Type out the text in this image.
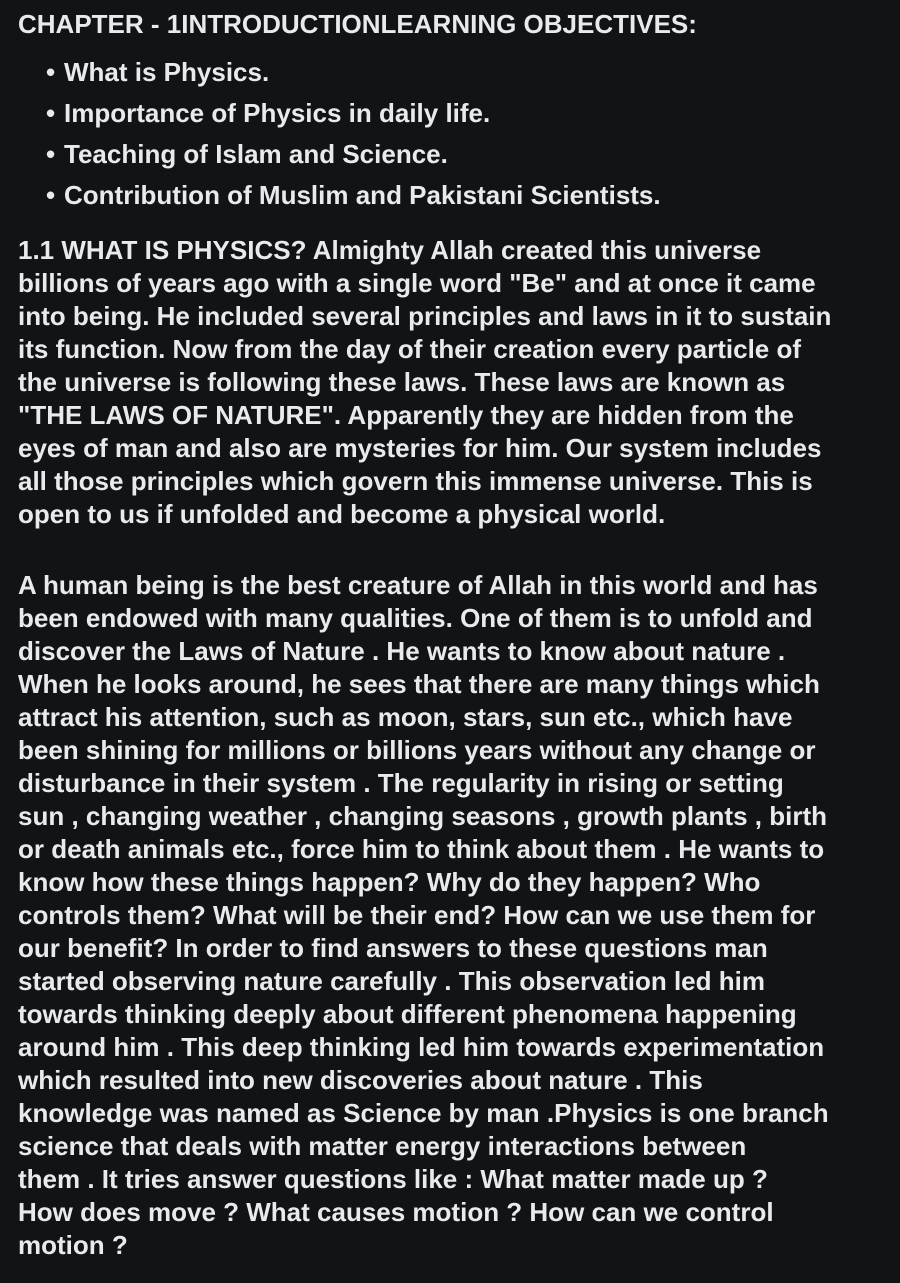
CHAPTER - 1INTRODUCTIONLEARNING OBJECTIVES:
• What is Physics.
• Importance of Physics in daily life.
• Teaching of Islam and Science.
• Contribution of Muslim and Pakistani Scientists.
1.1 WHAT IS PHYSICS? Almighty Allah created this universe
billions of years ago with a single word "Be" and at once it came
into being. He included several principles and laws in it to sustain
its function. Now from the day of their creation every particle of
the universe is following these laws. These laws are known as
"THE LAWS OF NATURE". Apparently they are hidden from the
eyes of man and also are mysteries for him. Our system includes
all those principles which govern this immense universe. This is
open to us if unfolded and become a physical world.
A human being is the best creature of Allah in this world and has
been endowed with many qualities. One of them is to unfold and
discover the Laws of Nature . He wants to know about nature .
When he looks around, he sees that there are many things which
attract his attention, such as moon, stars, sun etc., which have
been shining for millions or billions years without any change or
disturbance in their system . The regularity in rising or setting
sun , changing weather , changing seasons , growth plants , birth
or death animals etc., force him to think about them . He wants to
know how these things happen? Why do they happen? Who
controls them? What will be their end? How can we use them for
our benefit? In order to find answers to these questions man
started observing nature carefully . This observation led him
towards thinking deeply about different phenomena happening
around him . This deep thinking led him towards experimentation
which resulted into new discoveries about nature . This
knowledge was named as Science by man .Physics is one branch
science that deals with matter energy interactions between
them . It tries answer questions like : What matter made up ?
How does move ? What causes motion ? How can we control
motion ?
